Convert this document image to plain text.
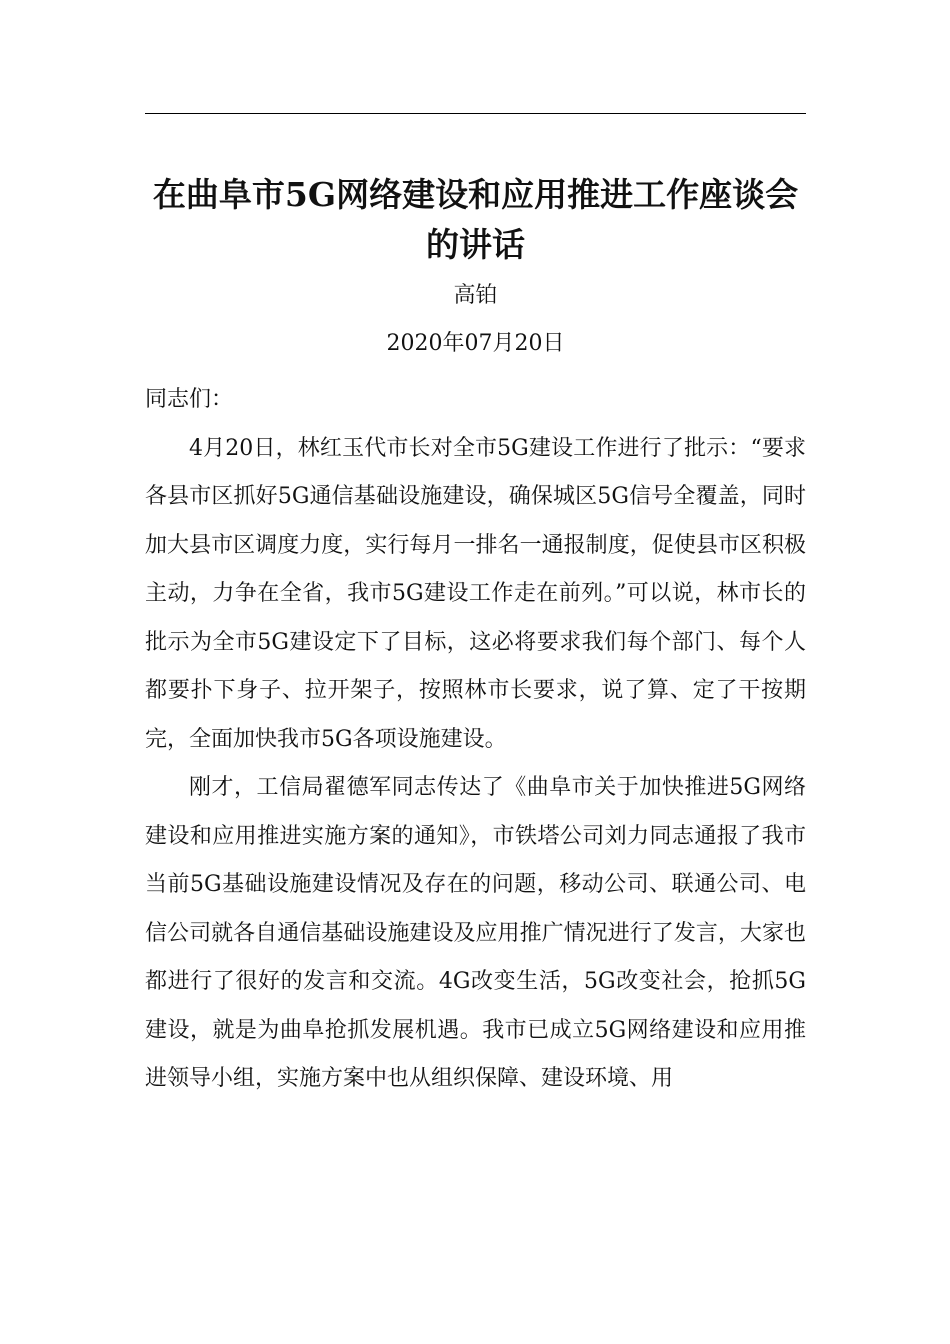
在曲阜市5G网络建设和应用推进工作座谈会的讲话
高铂
2020年07月20日

同志们：

4月20日，林红玉代市长对全市5G建设工作进行了批示：“要求各县市区抓好5G通信基础设施建设，确保城区5G信号全覆盖，同时加大县市区调度力度，实行每月一排名一通报制度，促使县市区积极主动，力争在全省，我市5G建设工作走在前列。”可以说，林市长的批示为全市5G建设定下了目标，这必将要求我们每个部门、每个人都要扑下身子、拉开架子，按照林市长要求，说了算、定了干按期完，全面加快我市5G各项设施建设。

刚才，工信局翟德军同志传达了《曲阜市关于加快推进5G网络建设和应用推进实施方案的通知》，市铁塔公司刘力同志通报了我市当前5G基础设施建设情况及存在的问题，移动公司、联通公司、电信公司就各自通信基础设施建设及应用推广情况进行了发言，大家也都进行了很好的发言和交流。4G改变生活，5G改变社会，抢抓5G建设，就是为曲阜抢抓发展机遇。我市已成立5G网络建设和应用推进领导小组，实施方案中也从组织保障、建设环境、用
